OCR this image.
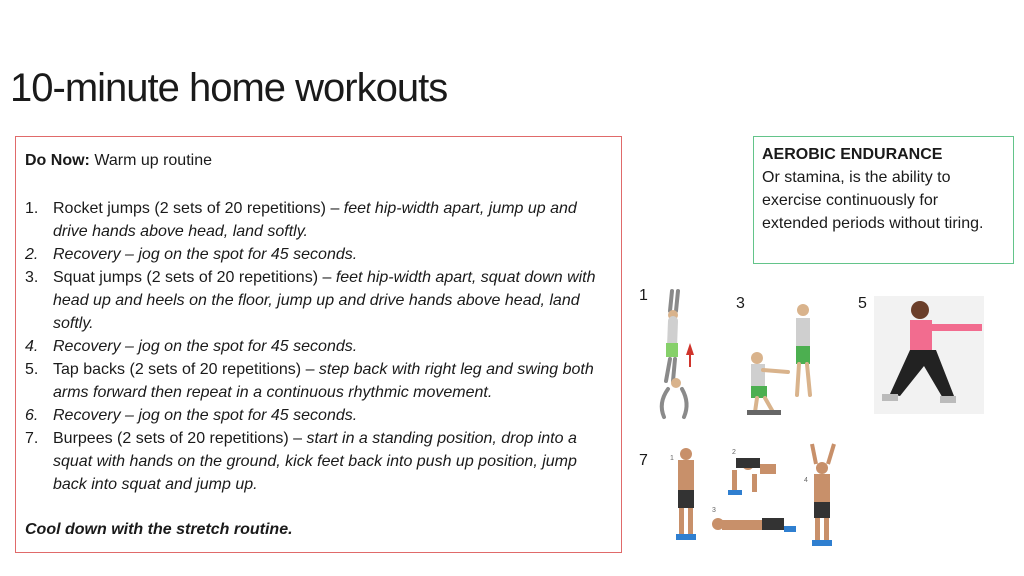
10-minute home workouts
Do Now: Warm up routine
1. Rocket jumps (2 sets of 20 repetitions) – feet hip-width apart, jump up and drive hands above head, land softly.
2. Recovery – jog on the spot for 45 seconds.
3. Squat jumps (2 sets of 20 repetitions) – feet hip-width apart, squat down with head up and heels on the floor, jump up and drive hands above head, land softly.
4. Recovery – jog on the spot for 45 seconds.
5. Tap backs (2 sets of 20 repetitions) – step back with right leg and swing both arms forward then repeat in a continuous rhythmic movement.
6. Recovery – jog on the spot for 45 seconds.
7. Burpees (2 sets of 20 repetitions) – start in a standing position, drop into a squat with hands on the ground, kick feet back into push up position, jump back into squat and jump up.
Cool down with the stretch routine.
AEROBIC ENDURANCE
Or stamina, is the ability to exercise continuously for extended periods without tiring.
1	3	5
7	1
2
3
4
